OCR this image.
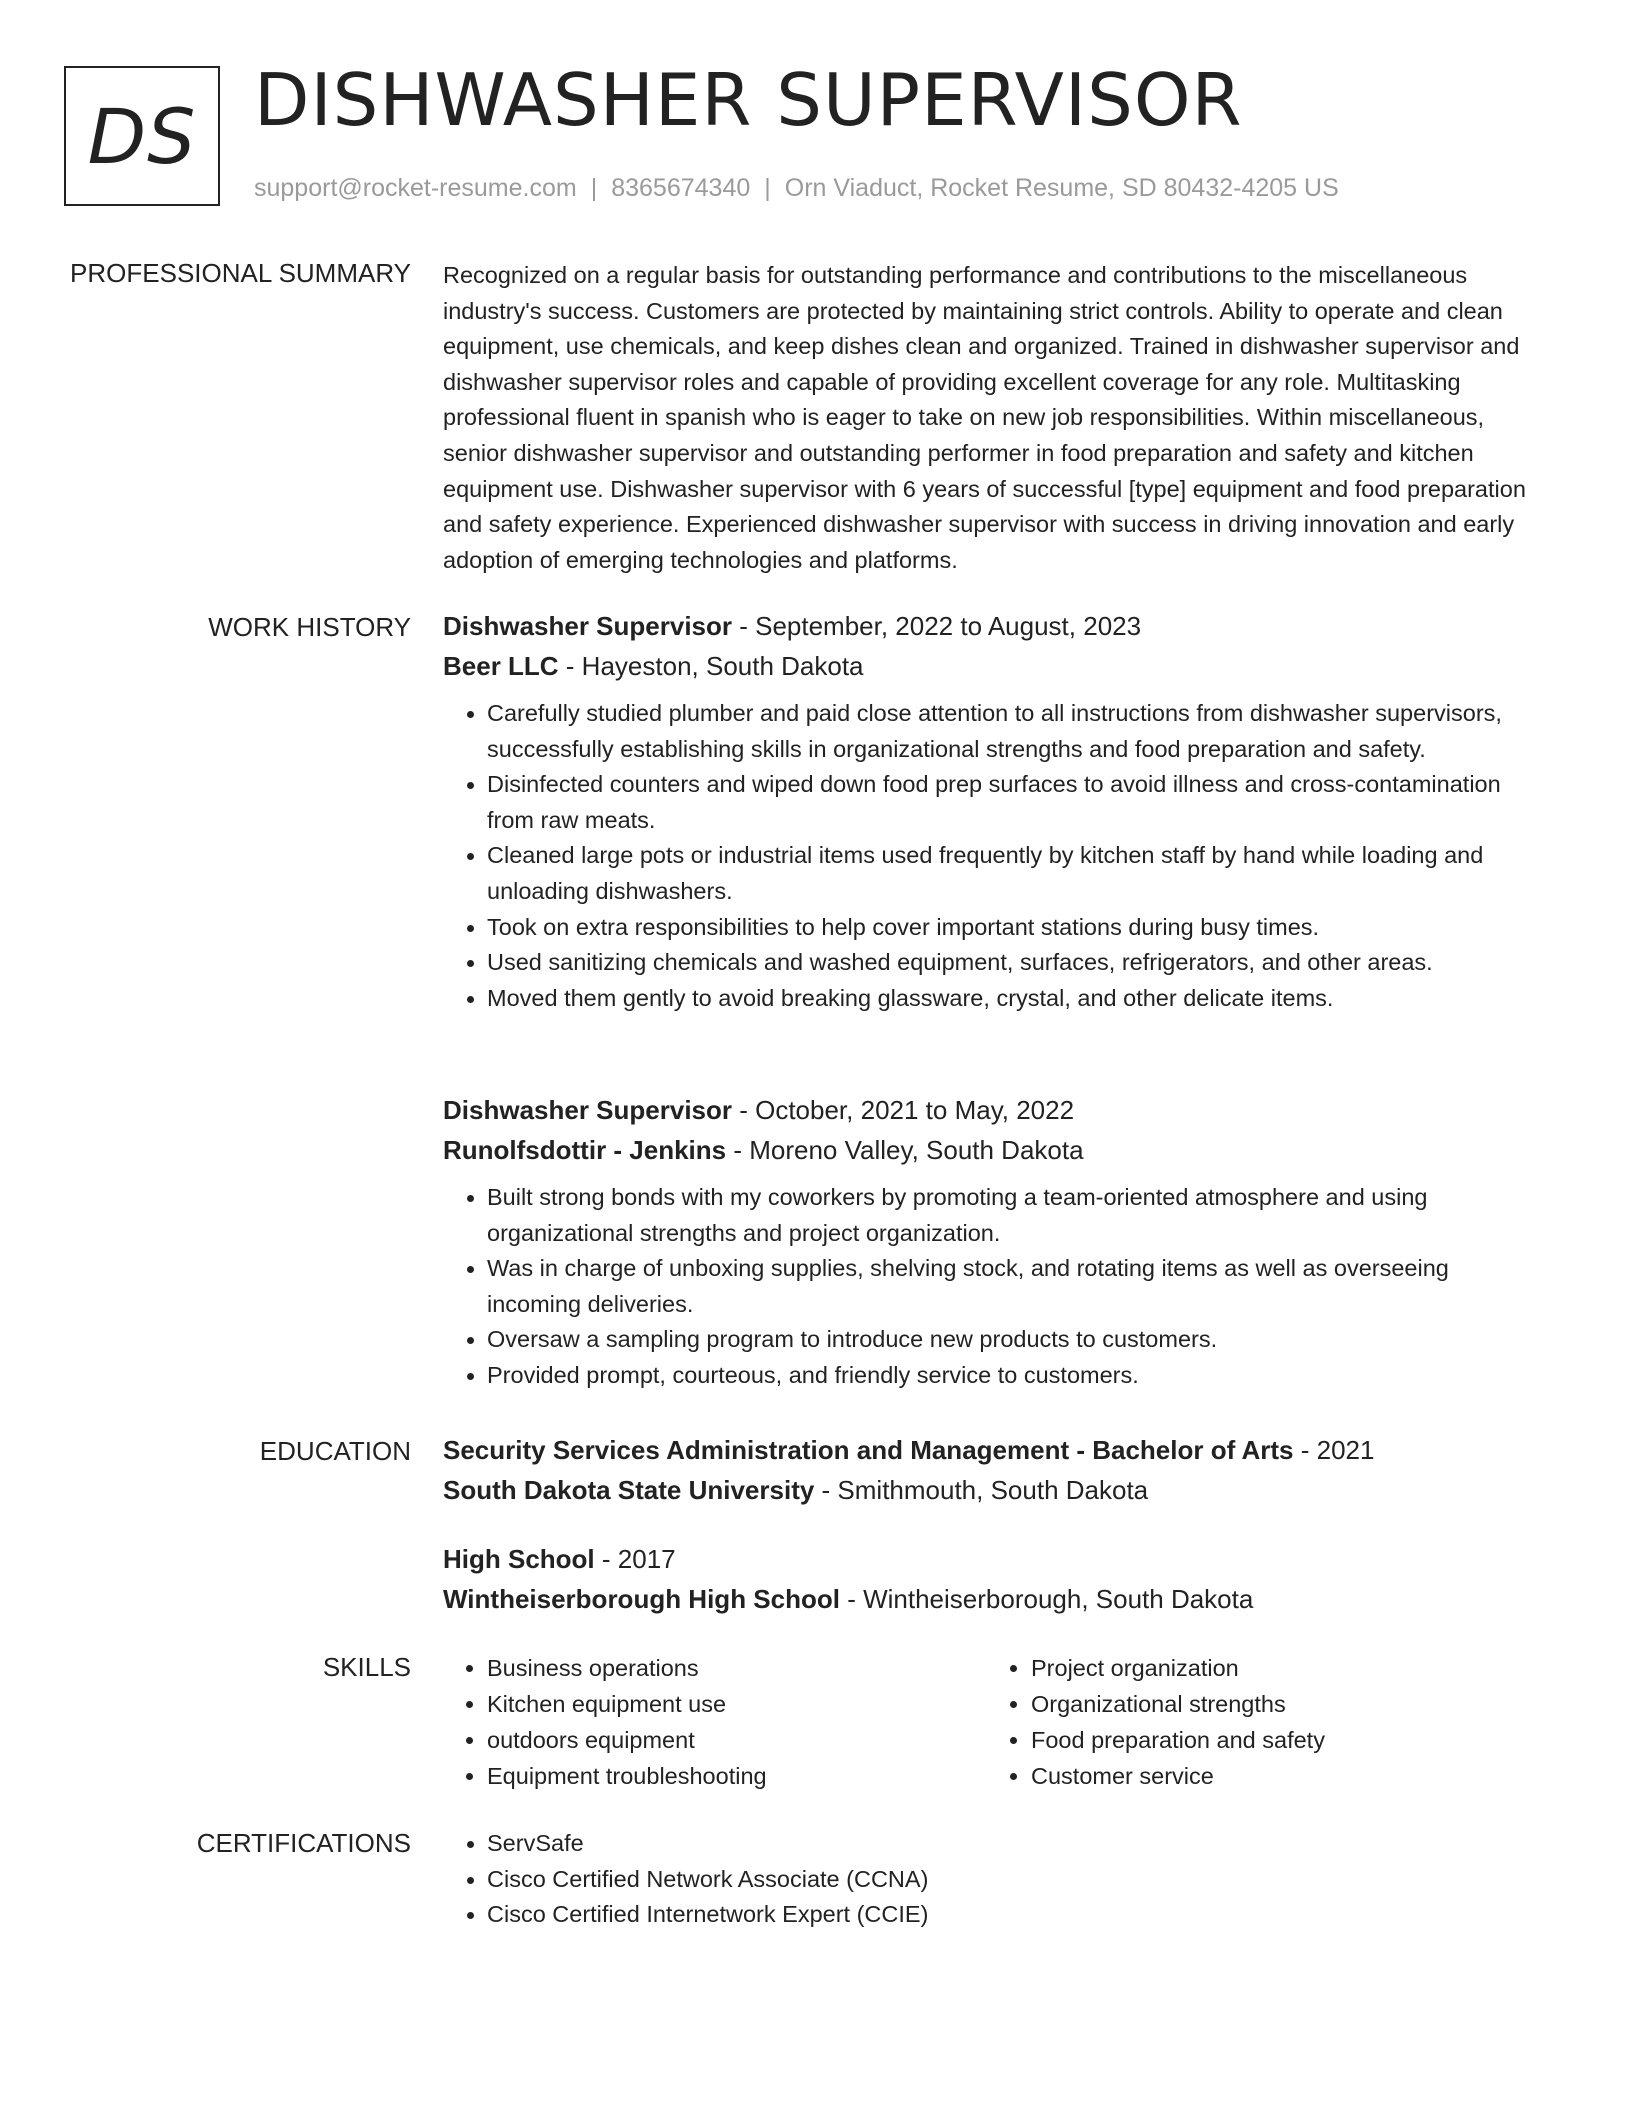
DS DISHWASHER SUPERVISOR
support@rocket-resume.com | 8365674340 | Orn Viaduct, Rocket Resume, SD 80432-4205 US
PROFESSIONAL SUMMARY Recognized on a regular basis for outstanding performance and contributions to the miscellaneous industry's success. Customers are protected by maintaining strict controls. Ability to operate and clean equipment, use chemicals, and keep dishes clean and organized. Trained in dishwasher supervisor and dishwasher supervisor roles and capable of providing excellent coverage for any role. Multitasking professional fluent in spanish who is eager to take on new job responsibilities. Within miscellaneous, senior dishwasher supervisor and outstanding performer in food preparation and safety and kitchen equipment use. Dishwasher supervisor with 6 years of successful [type] equipment and food preparation and safety experience. Experienced dishwasher supervisor with success in driving innovation and early adoption of emerging technologies and platforms.

WORK HISTORY Dishwasher Supervisor - September, 2022 to August, 2023
Beer LLC - Hayeston, South Dakota
• Carefully studied plumber and paid close attention to all instructions from dishwasher supervisors, successfully establishing skills in organizational strengths and food preparation and safety.
• Disinfected counters and wiped down food prep surfaces to avoid illness and cross-contamination from raw meats.
• Cleaned large pots or industrial items used frequently by kitchen staff by hand while loading and unloading dishwashers.
• Took on extra responsibilities to help cover important stations during busy times.
• Used sanitizing chemicals and washed equipment, surfaces, refrigerators, and other areas.
• Moved them gently to avoid breaking glassware, crystal, and other delicate items.
Dishwasher Supervisor - October, 2021 to May, 2022
Runolfsdottir - Jenkins - Moreno Valley, South Dakota
• Built strong bonds with my coworkers by promoting a team-oriented atmosphere and using organizational strengths and project organization.
• Was in charge of unboxing supplies, shelving stock, and rotating items as well as overseeing incoming deliveries.
• Oversaw a sampling program to introduce new products to customers.
• Provided prompt, courteous, and friendly service to customers.
EDUCATION Security Services Administration and Management - Bachelor of Arts - 2021
South Dakota State University - Smithmouth, South Dakota
High School - 2017
Wintheiserborough High School - Wintheiserborough, South Dakota
SKILLS	• Business operations
• Kitchen equipment use
• outdoors equipment
• Equipment troubleshooting
• Project organization
• Organizational strengths
• Food preparation and safety
• Customer service
CERTIFICATIONS	• ServSafe
• Cisco Certified Network Associate (CCNA)
• Cisco Certified Internetwork Expert (CCIE)
